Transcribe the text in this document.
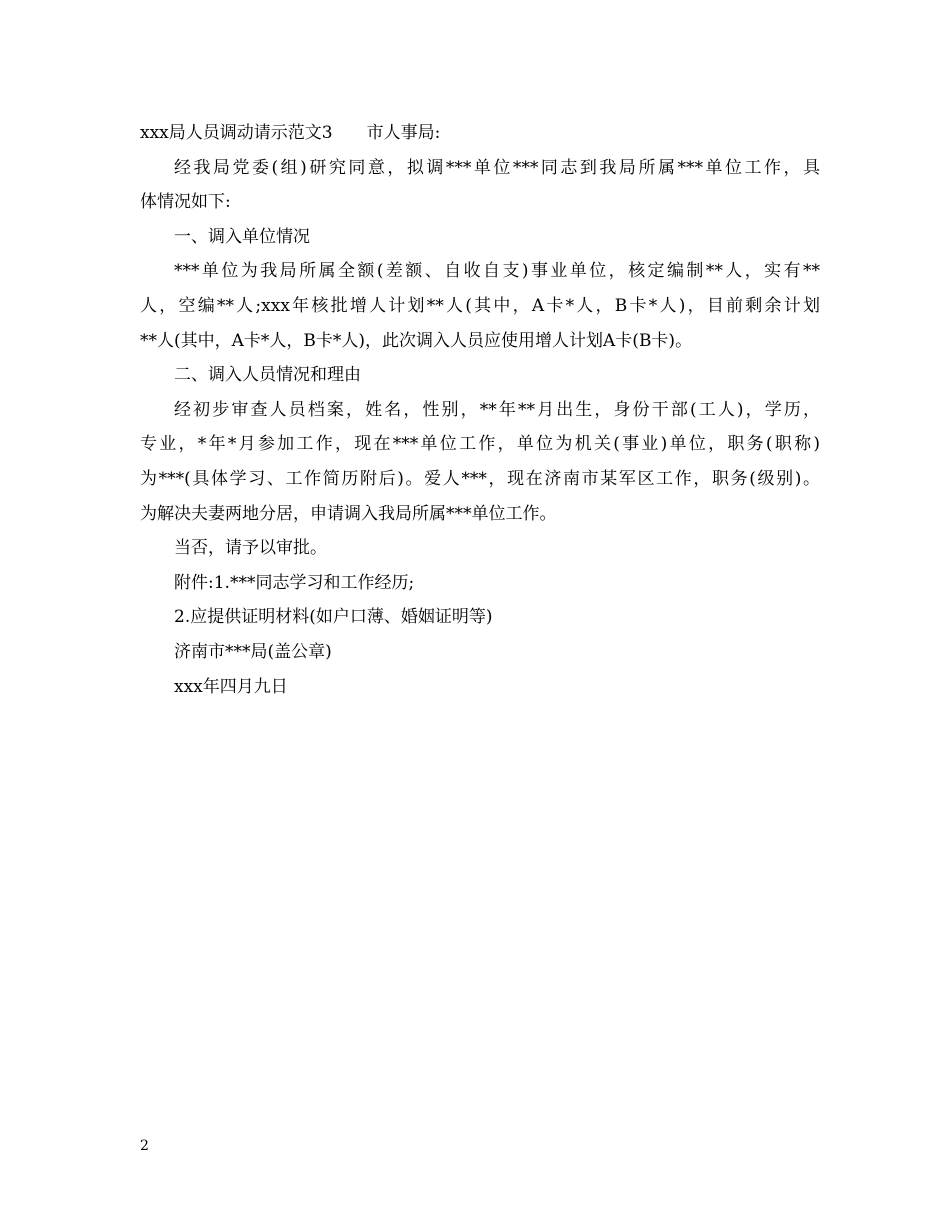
xxx局人员调动请示范文3 市人事局:
经我局党委(组)研究同意，拟调***单位***同志到我局所属***单位工作，具
体情况如下:
一、调入单位情况
***单位为我局所属全额(差额、自收自支)事业单位，核定编制**人，实有**
人，空编**人;xxx年核批增人计划**人(其中，A卡*人，B卡*人)，目前剩余计划
**人(其中，A卡*人，B卡*人)，此次调入人员应使用增人计划A卡(B卡)。
二、调入人员情况和理由
经初步审查人员档案，姓名，性别，**年**月出生，身份干部(工人)，学历，
专业，*年*月参加工作，现在***单位工作，单位为机关(事业)单位，职务(职称)
为***(具体学习、工作简历附后)。爱人***，现在济南市某军区工作，职务(级别)。
为解决夫妻两地分居，申请调入我局所属***单位工作。
当否，请予以审批。
附件:1.***同志学习和工作经历;
2.应提供证明材料(如户口薄、婚姻证明等)
济南市***局(盖公章)
xxx年四月九日
2
